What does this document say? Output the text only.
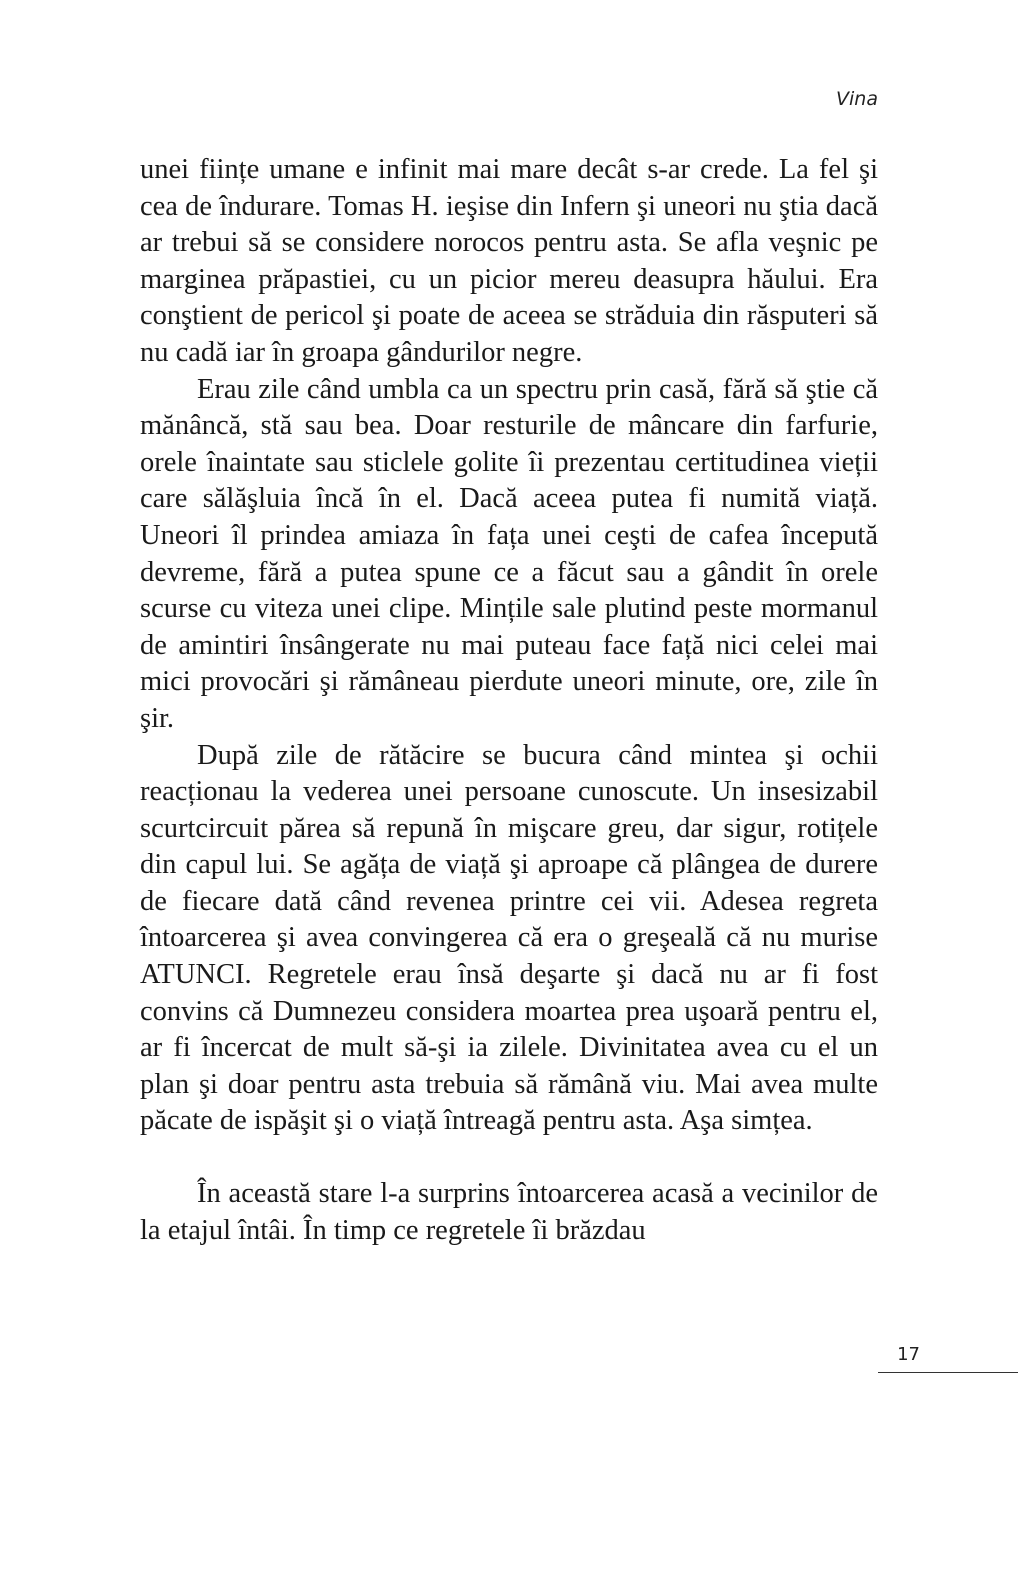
Vina

unei ființe umane e infinit mai mare decât s-ar crede. La fel şi cea de îndurare. Tomas H. ieşise din Infern şi uneori nu ştia dacă ar trebui să se considere norocos pentru asta. Se afla veşnic pe marginea prăpastiei, cu un picior mereu deasupra hăului. Era conştient de pericol şi poate de aceea se străduia din răsputeri să nu cadă iar în groapa gândurilor negre.

Erau zile când umbla ca un spectru prin casă, fără să ştie că mănâncă, stă sau bea. Doar resturile de mâncare din farfurie, orele înaintate sau sticlele golite îi prezentau certitudinea vieții care sălăşluia încă în el. Dacă aceea putea fi numită viață. Uneori îl prindea amiaza în fața unei ceşti de cafea începută devreme, fără a putea spune ce a făcut sau a gândit în orele scurse cu viteza unei clipe. Mințile sale plutind peste mormanul de amintiri însângerate nu mai puteau face față nici celei mai mici provocări şi rămâneau pierdute uneori minute, ore, zile în şir.

După zile de rătăcire se bucura când mintea şi ochii reacționau la vederea unei persoane cunoscute. Un insesizabil scurtcircuit părea să repună în mişcare greu, dar sigur, rotițele din capul lui. Se agăța de viață şi aproape că plângea de durere de fiecare dată când revenea printre cei vii. Adesea regreta întoarcerea şi avea convingerea că era o greşeală că nu murise ATUNCI. Regretele erau însă deşarte şi dacă nu ar fi fost convins că Dumnezeu considera moartea prea uşoară pentru el, ar fi încercat de mult să-şi ia zilele. Divinitatea avea cu el un plan şi doar pentru asta trebuia să rămână viu. Mai avea multe păcate de ispăşit şi o viață întreagă pentru asta. Aşa simțea.

În această stare l-a surprins întoarcerea acasă a vecinilor de la etajul întâi. În timp ce regretele îi brăzdau

17
